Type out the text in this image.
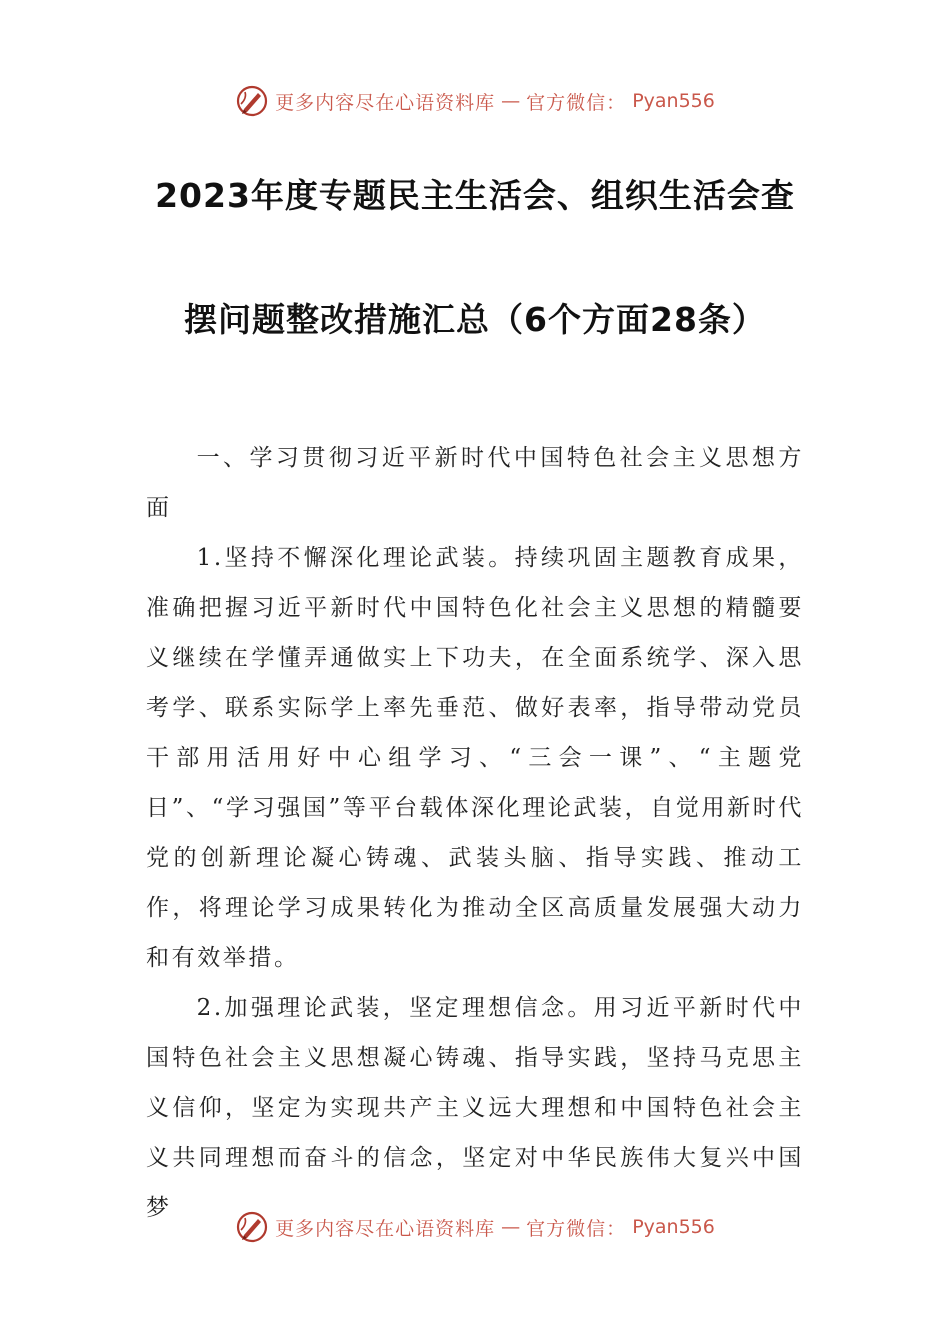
更多内容尽在心语资料库 — 官方微信： Pyan556
2023年度专题民主生活会、组织生活会查
摆问题整改措施汇总（6个方面28条）

一、学习贯彻习近平新时代中国特色社会主义思想方面

1.坚持不懈深化理论武装。持续巩固主题教育成果，准确把握习近平新时代中国特色化社会主义思想的精髓要义继续在学懂弄通做实上下功夫，在全面系统学、深入思考学、联系实际学上率先垂范、做好表率，指导带动党员干部用活用好中心组学习、“三会一课”、“主题党日”、“学习强国”等平台载体深化理论武装，自觉用新时代党的创新理论凝心铸魂、武装头脑、指导实践、推动工作，将理论学习成果转化为推动全区高质量发展强大动力和有效举措。

2.加强理论武装，坚定理想信念。用习近平新时代中国特色社会主义思想凝心铸魂、指导实践，坚持马克思主义信仰，坚定为实现共产主义远大理想和中国特色社会主义共同理想而奋斗的信念，坚定对中华民族伟大复兴中国梦

更多内容尽在心语资料库 — 官方微信： Pyan556
